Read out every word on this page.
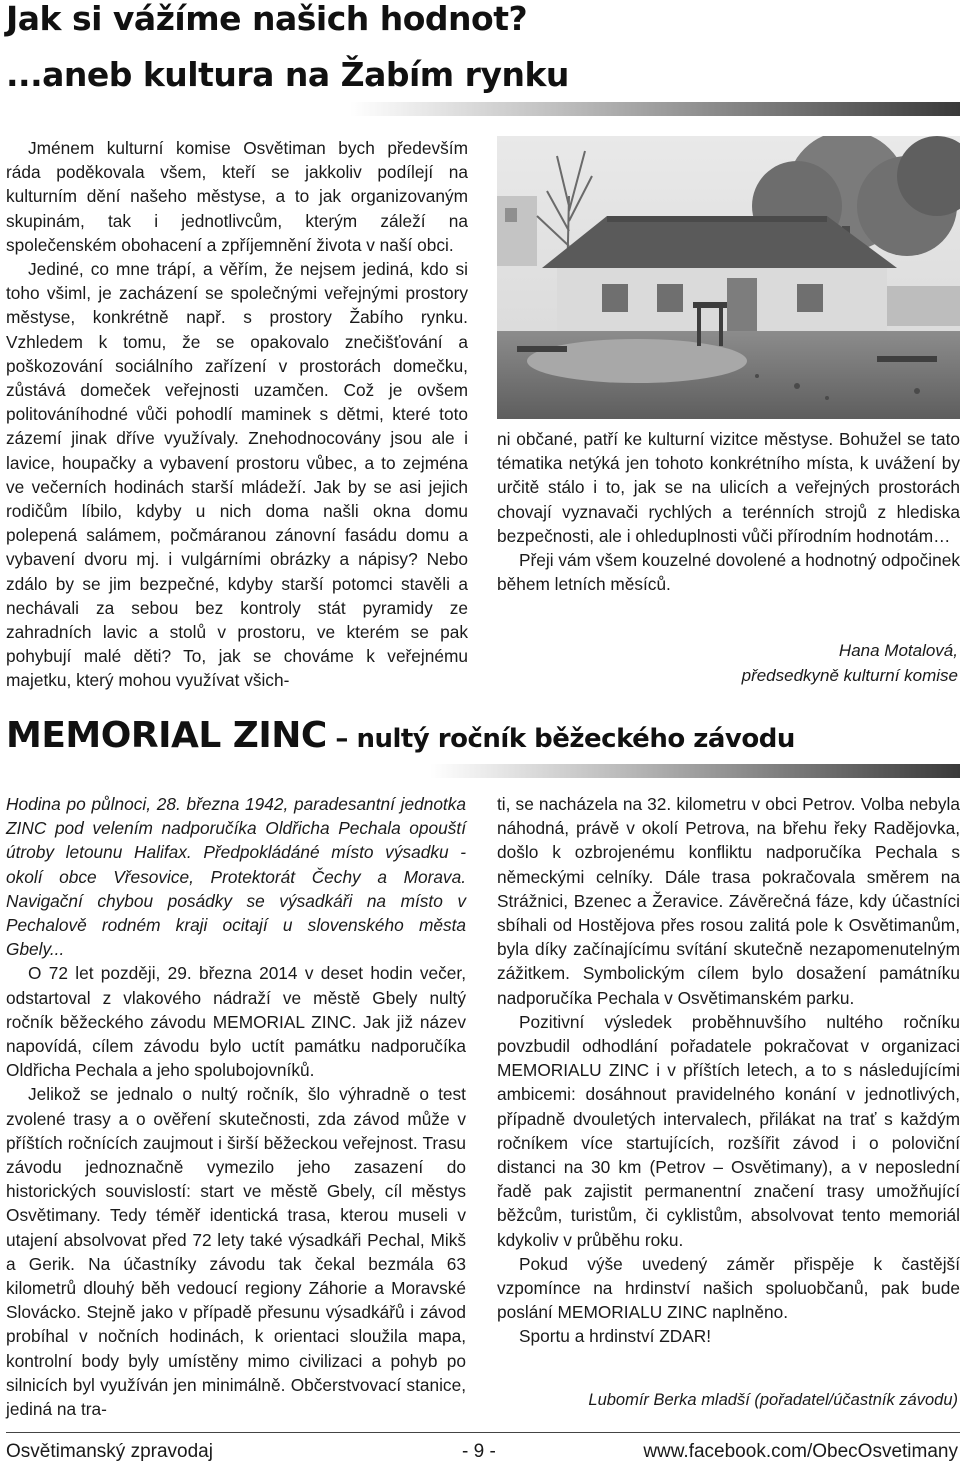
Jak si vážíme našich hodnot?
...aneb kultura na Žabím rynku

Jménem kulturní komise Osvětiman bych především ráda poděkovala všem, kteří se jakkoliv podílejí na kulturním dění našeho městyse, a to jak organizovaným skupinám, tak i jednotlivcům, kterým záleží na společenském obohacení a zpříjemnění života v naší obci.

Jediné, co mne trápí, a věřím, že nejsem jediná, kdo si toho všiml, je zacházení se společnými veřejnými prostory městyse, konkrétně např. s prostory Žabího rynku. Vzhledem k tomu, že se opakovalo znečišťování a poškozování sociálního zařízení v prostorách domečku, zůstává domeček veřejnosti uzamčen. Což je ovšem politováníhodné vůči pohodlí maminek s dětmi, které toto zázemí jinak dříve využívaly. Znehodnocovány jsou ale i lavice, houpačky a vybavení prostoru vůbec, a to zejména ve večerních hodinách starší mládeží. Jak by se asi jejich rodičům líbilo, kdyby u nich doma našli okna domu polepená salámem, počmáranou zánovní fasádu domu a vybavení dvoru mj. i vulgárními obrázky a nápisy? Nebo zdálo by se jim bezpečné, kdyby starší potomci stavěli a nechávali za sebou bez kontroly stát pyramidy ze zahradních lavic a stolů v prostoru, ve kterém se pak pohybují malé děti? To, jak se chováme k veřejnému majetku, který mohou využívat všich-

ni občané, patří ke kulturní vizitce městyse. Bohužel se tato tématika netýká jen tohoto konkrétního místa, k uvážení by určitě stálo i to, jak se na ulicích a veřejných prostorách chovají vyznavači rychlých a terénních strojů z hlediska bezpečnosti, ale i ohleduplnosti vůči přírodním hodnotám…

Přeji vám všem kouzelné dovolené a hodnotný odpočinek během letních měsíců.

Hana Motalová,

předsedkyně kulturní komise

MEMORIAL ZINC – nultý ročník běžeckého závodu

Hodina po půlnoci, 28. března 1942, paradesantní jednotka ZINC pod velením nadporučíka Oldřicha Pechala opouští útroby letounu Halifax. Předpokládáné místo výsadku - okolí obce Vřesovice, Protektorát Čechy a Morava. Navigační chybou posádky se výsadkáři na místo v Pechalově rodném kraji ocitají u slovenského města Gbely...

O 72 let později, 29. března 2014 v deset hodin večer, odstartoval z vlakového nádraží ve městě Gbely nultý ročník běžeckého závodu MEMORIAL ZINC. Jak již název napovídá, cílem závodu bylo uctít památku nadporučíka Oldřicha Pechala a jeho spolubojovníků.

Jelikož se jednalo o nultý ročník, šlo výhradně o test zvolené trasy a o ověření skutečnosti, zda závod může v příštích ročnících zaujmout i širší běžeckou veřejnost. Trasu závodu jednoznačně vymezilo jeho zasazení do historických souvislostí: start ve městě Gbely, cíl městys Osvětimany. Tedy téměř identická trasa, kterou museli v utajení absolvovat před 72 lety také výsadkáři Pechal, Mikš a Gerik. Na účastníky závodu tak čekal bezmála 63 kilometrů dlouhý běh vedoucí regiony Záhorie a Moravské Slovácko. Stejně jako v případě přesunu výsadkářů i závod probíhal v nočních hodinách, k orientaci sloužila mapa, kontrolní body byly umístěny mimo civilizaci a pohyb po silnicích byl využíván jen minimálně. Občerstvovací stanice, jediná na tra-

ti, se nacházela na 32. kilometru v obci Petrov. Volba nebyla náhodná, právě v okolí Petrova, na břehu řeky Radějovka, došlo k ozbrojenému konfliktu nadporučíka Pechala s německými celníky. Dále trasa pokračovala směrem na Strážnici, Bzenec a Žeravice. Závěrečná fáze, kdy účastníci sbíhali od Hostějova přes rosou zalitá pole k Osvětimanům, byla díky začínajícímu svítání skutečně nezapomenutelným zážitkem. Symbolickým cílem bylo dosažení památníku nadporučíka Pechala v Osvětimanském parku.

Pozitivní výsledek proběhnuvšího nultého ročníku povzbudil odhodlání pořadatele pokračovat v organizaci MEMORIALU ZINC i v příštích letech, a to s následujícími ambicemi: dosáhnout pravidelného konání v jednotlivých, případně dvouletých intervalech, přilákat na trať s každým ročníkem více startujících, rozšířit závod i o poloviční distanci na 30 km (Petrov – Osvětimany), a v neposlední řadě pak zajistit permanentní značení trasy umožňující běžcům, turistům, či cyklistům, absolvovat tento memoriál kdykoliv v průběhu roku.

Pokud výše uvedený záměr přispěje k častější vzpomínce na hrdinství našich spoluobčanů, pak bude poslání MEMORIALU ZINC naplněno.

Sportu a hrdinství ZDAR!

Lubomír Berka mladší (pořadatel/účastník závodu)

Osvětimanský zpravodaj	- 9 -	www.facebook.com/ObecOsvetimany
